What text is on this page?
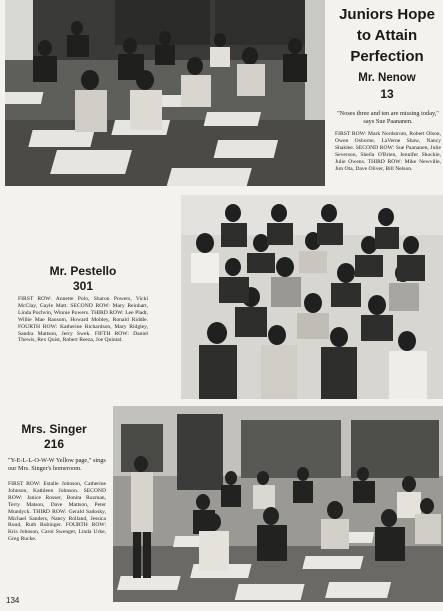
Juniors Hope
to Attain
Perfection
Mr. Nenow
13
"Noses three and ten are missing today," says Sue Paananen.

FIRST ROW: Mark Nordstrom, Robert Olson, Owen Osborne, LaVerne Shaw, Nancy Shaklee. SECOND ROW: Sue Paananen, Julie Severson, Sheila O'Brien, Jennifer Shockie, Julie Owens. THIRD ROW: Mike Newville, Jim Ota, Dave Oliver, Bill Nelson.

Mr. Pestello
301

FIRST ROW: Annette Polo, Sharon Powers, Vicki McClay, Gayle Matt. SECOND ROW: Mary Reinhart, Linda Pochvin, Winnie Powers. THIRD ROW: Lee Pladt, Willie Mae Ransom, Howard Mobley, Ronald Riddle. FOURTH ROW: Katherine Richardson, Mary Ridgley, Sandra Mattson, Jerry Swek. FIFTH ROW: Daniel Thewis, Rex Quist, Robert Reeza, Joe Quintal.

Mrs. Singer
216
"Y-E-L-L-O-W-W Yellow page," sings our Mrs. Singer's homeroom.

FIRST ROW: Estalle Johnson, Catherine Johnson, Kathleen Johnson. SECOND ROW: Janice Rosser, Bonita Rozman, Terry Matson, Dave Mattson, Peter Mundyck. THIRD ROW: Gerald Sadosky, Michael Sanders, Nancy Rolland, Jessica Ruud, Ruth Rubinger. FOURTH ROW: Kris Johnson, Carol Swenger, Linda Urke, Greg Rucke.

134
